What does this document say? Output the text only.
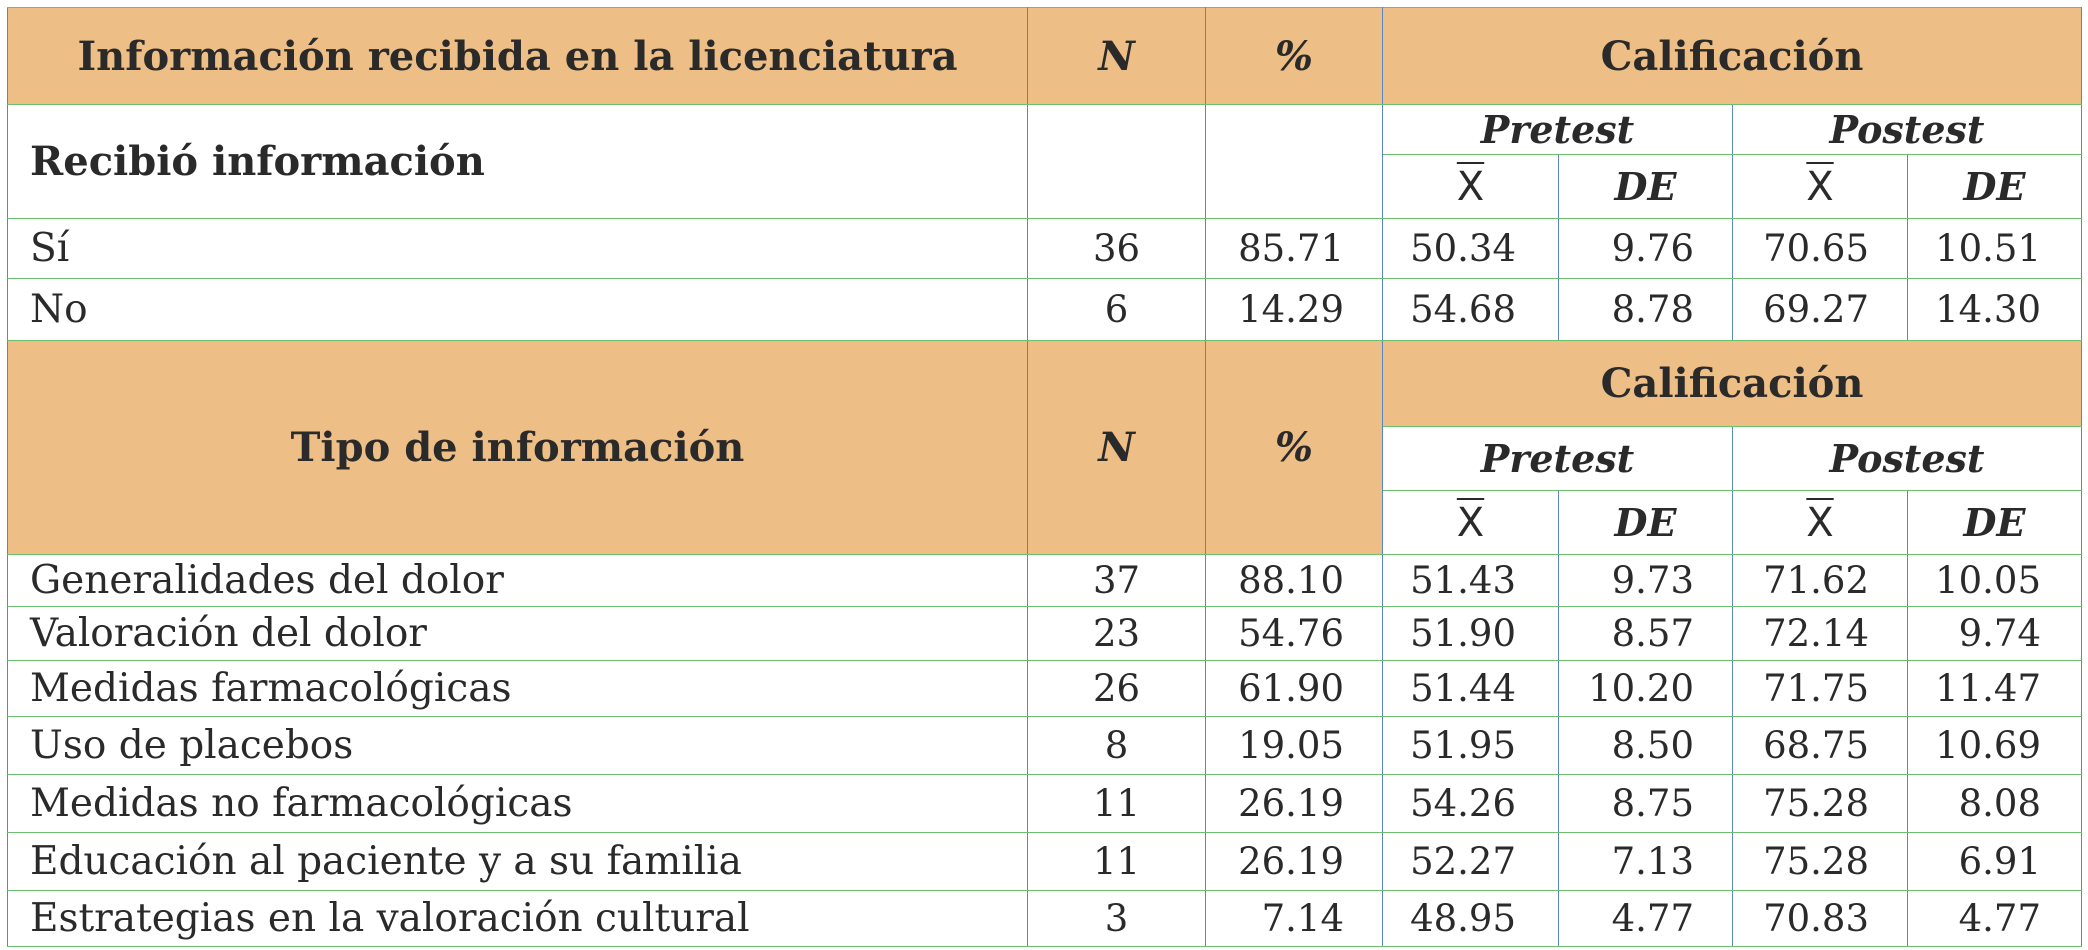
Información recibida en la licenciatura	N	%	Calificación			
Recibió información			Pretest		Postest	
			$\overline{X}$	DE	$\overline{X}$	DE
Sí	36	85.71	50.34	9.76	70.65	10.51
No	6	14.29	54.68	8.78	69.27	14.30
Tipo de información	N	%	Calificación			
			Pretest		Postest	
			$\overline{X}$	DE	$\overline{X}$	DE
Generalidades del dolor	37	88.10	51.43	9.73	71.62	10.05
Valoración del dolor	23	54.76	51.90	8.57	72.14	9.74
Medidas farmacológicas	26	61.90	51.44	10.20	71.75	11.47
Uso de placebos	8	19.05	51.95	8.50	68.75	10.69
Medidas no farmacológicas	11	26.19	54.26	8.75	75.28	8.08
Educación al paciente y a su familia	11	26.19	52.27	7.13	75.28	6.91
Estrategias en la valoración cultural	3	7.14	48.95	4.77	70.83	4.77
